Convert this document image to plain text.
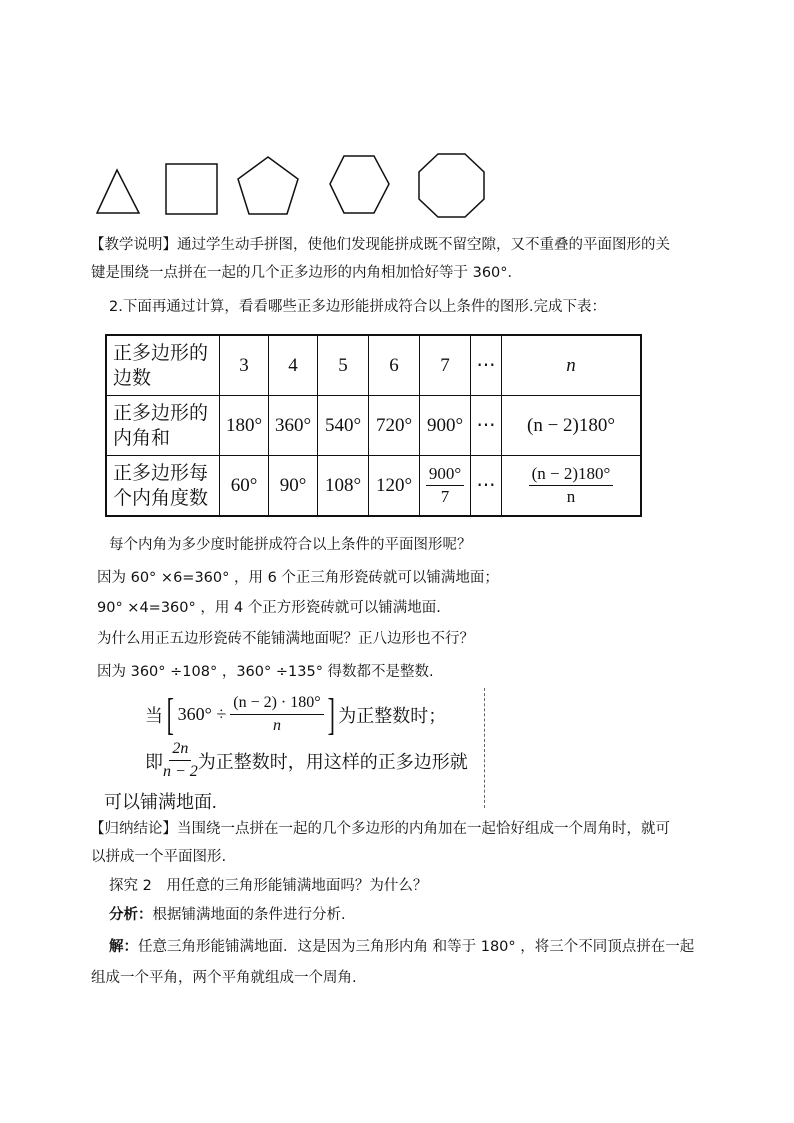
【教学说明】通过学生动手拼图，使他们发现能拼成既不留空隙，又不重叠的平面图形的关
键是围绕一点拼在一起的几个正多边形的内角相加恰好等于 360°．
2.下面再通过计算，看看哪些正多边形能拼成符合以上条件的图形.完成下表：
正多边形的
边数	3	4	5	6	7	⋯	n
正多边形的
内角和	180°	360°	540°	720°	900°	⋯	(n − 2)180°
正多边形每
个内角度数	60°	90°	108°	120°	$\frac{900^\circ}{7}$	⋯	$\frac{(n - 2)180^\circ}{n}$
每个内角为多少度时能拼成符合以上条件的平面图形呢？
因为 60° ×6=360° ，用 6 个正三角形瓷砖就可以铺满地面；
90° ×4=360° ，用 4 个正方形瓷砖就可以铺满地面.
为什么用正五边形瓷砖不能铺满地面呢？正八边形也不行？
因为 360° ÷108° ，360° ÷135° 得数都不是整数.
当 [ $360^\circ \div \frac{(n - 2) \cdot 180^\circ}{n}$ ] 为正整数时；
即 $\frac{2n}{n - 2}$ 为正整数时，用这样的正多边形就
可以铺满地面.
【归纳结论】当围绕一点拼在一起的几个多边形的内角加在一起恰好组成一个周角时，就可
以拼成一个平面图形.
探究 2　用任意的三角形能铺满地面吗？为什么？
分析：根据铺满地面的条件进行分析.
解：任意三角形能铺满地面．这是因为三角形内角 和等于 180° ，将三个不同顶点拼在一起
组成一个平角，两个平角就组成一个周角.
